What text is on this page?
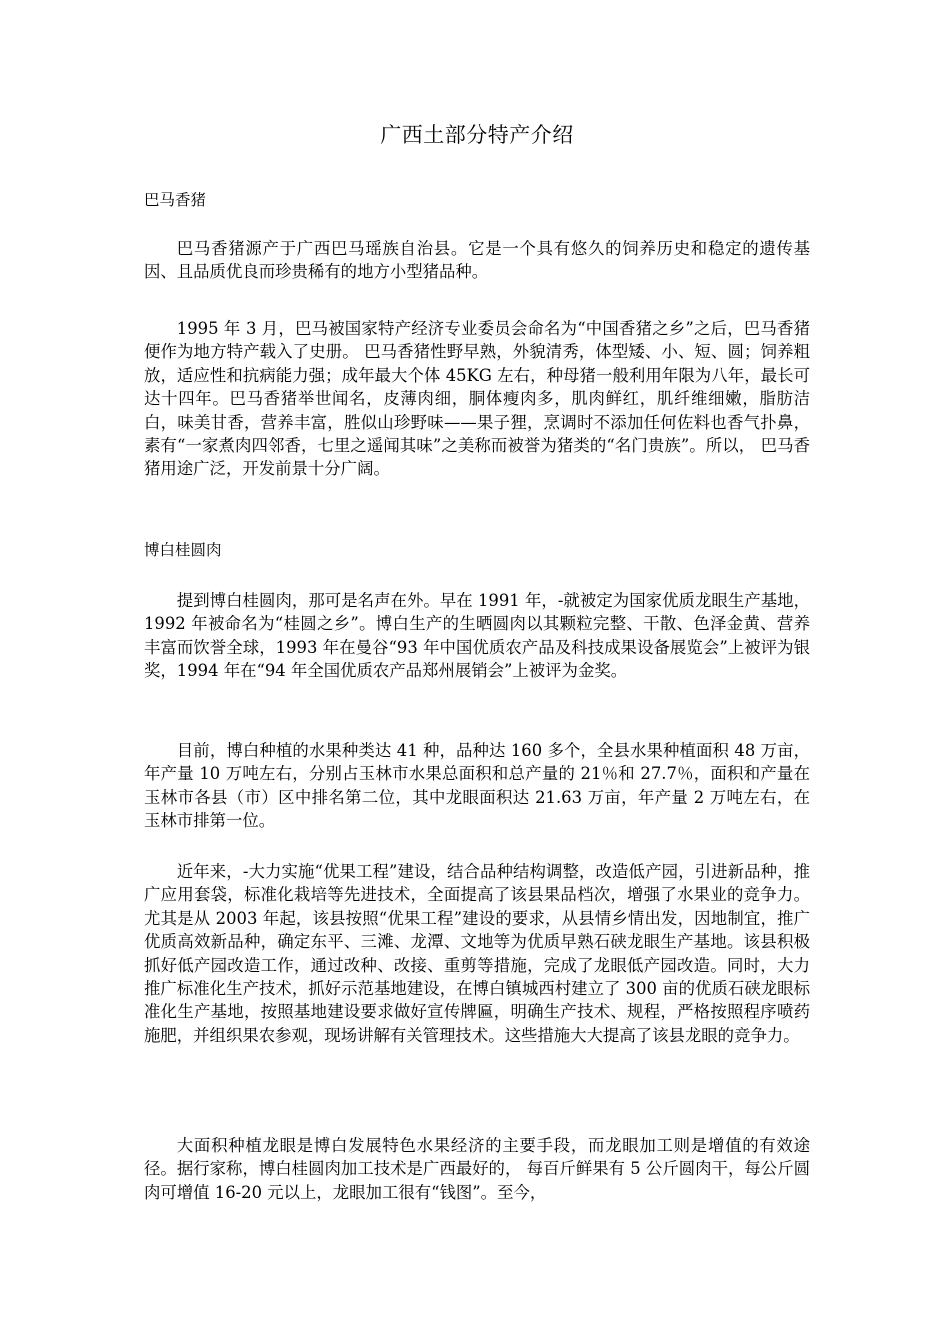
广西土部分特产介绍
巴马香猪
巴马香猪源产于广西巴马瑶族自治县。它是一个具有悠久的饲养历史和稳定的遗传基因、且品质优良而珍贵稀有的地方小型猪品种。
1995 年 3 月，巴马被国家特产经济专业委员会命名为“中国香猪之乡”之后，巴马香猪便作为地方特产载入了史册。 巴马香猪性野早熟，外貌清秀，体型矮、小、短、圆；饲养粗放，适应性和抗病能力强；成年最大个体 45KG 左右，种母猪一般利用年限为八年，最长可达十四年。巴马香猪举世闻名，皮薄肉细，胴体瘦肉多，肌肉鲜红，肌纤维细嫩，脂肪洁白，味美甘香，营养丰富，胜似山珍野味——果子狸，烹调时不添加任何佐料也香气扑鼻，素有“一家煮肉四邻香，七里之遥闻其味”之美称而被誉为猪类的“名门贵族”。所以， 巴马香猪用途广泛，开发前景十分广阔。
博白桂圆肉
提到博白桂圆肉，那可是名声在外。早在 1991 年，-就被定为国家优质龙眼生产基地，1992 年被命名为“桂圆之乡”。博白生产的生晒圆肉以其颗粒完整、干散、色泽金黄、营养丰富而饮誉全球，1993 年在曼谷“93 年中国优质农产品及科技成果设备展览会”上被评为银奖，1994 年在“94 年全国优质农产品郑州展销会”上被评为金奖。
目前，博白种植的水果种类达 41 种，品种达 160 多个，全县水果种植面积 48 万亩，年产量 10 万吨左右，分别占玉林市水果总面积和总产量的 21％和 27.7％，面积和产量在玉林市各县（市）区中排名第二位，其中龙眼面积达 21.63 万亩，年产量 2 万吨左右，在玉林市排第一位。
近年来，-大力实施“优果工程”建设，结合品种结构调整，改造低产园，引进新品种，推广应用套袋，标准化栽培等先进技术，全面提高了该县果品档次，增强了水果业的竞争力。尤其是从 2003 年起，该县按照“优果工程”建设的要求，从县情乡情出发，因地制宜，推广优质高效新品种，确定东平、三滩、龙潭、文地等为优质早熟石硖龙眼生产基地。该县积极抓好低产园改造工作，通过改种、改接、重剪等措施，完成了龙眼低产园改造。同时，大力推广标准化生产技术，抓好示范基地建设，在博白镇城西村建立了 300 亩的优质石硖龙眼标准化生产基地，按照基地建设要求做好宣传牌匾，明确生产技术、规程，严格按照程序喷药施肥，并组织果农参观，现场讲解有关管理技术。这些措施大大提高了该县龙眼的竞争力。
大面积种植龙眼是博白发展特色水果经济的主要手段，而龙眼加工则是增值的有效途径。据行家称，博白桂圆肉加工技术是广西最好的， 每百斤鲜果有 5 公斤圆肉干，每公斤圆肉可增值 16-20 元以上，龙眼加工很有“钱图”。至今，
